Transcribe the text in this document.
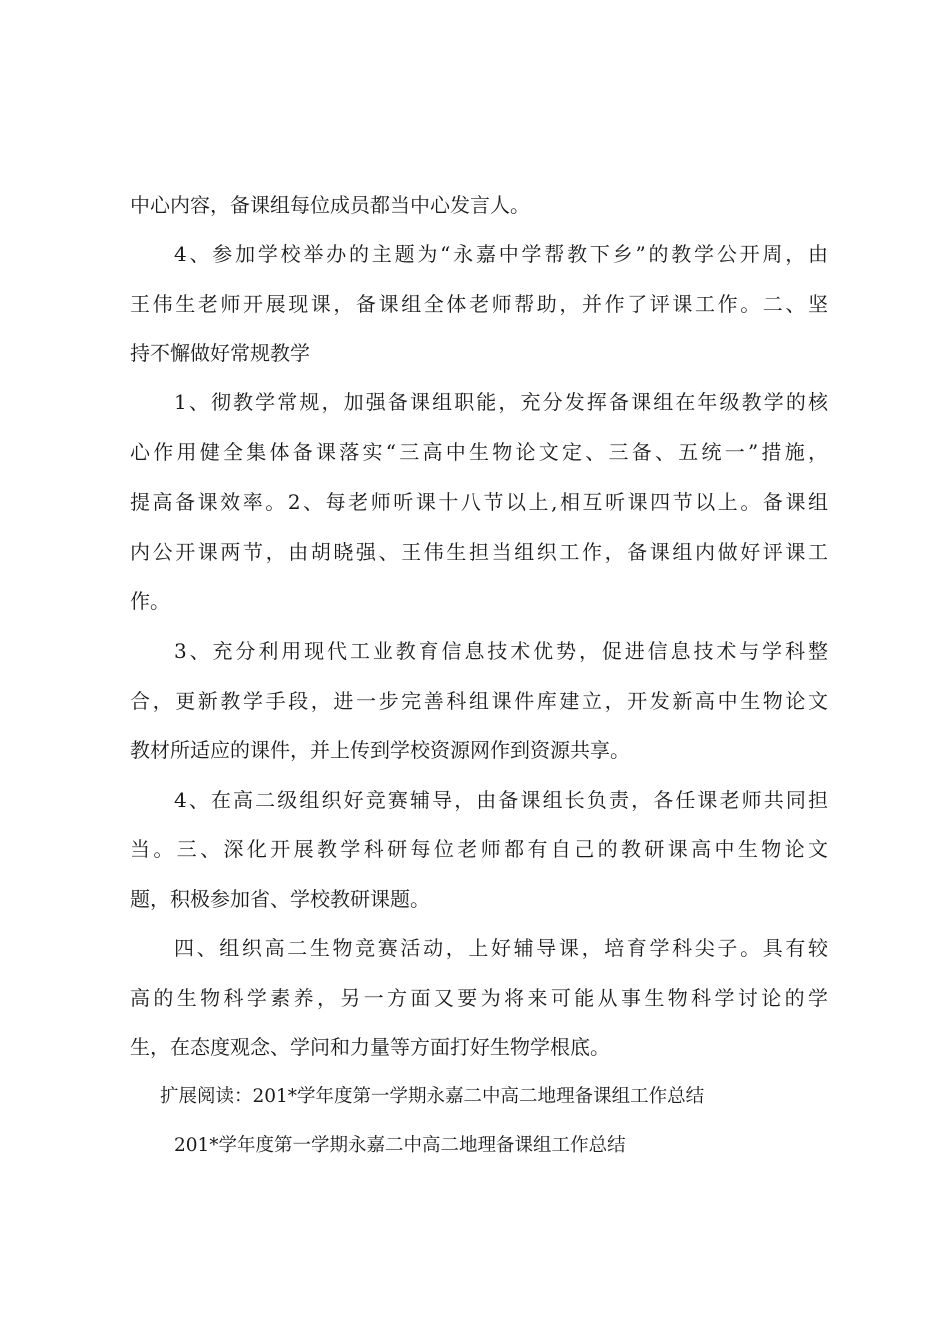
中心内容，备课组每位成员都当中心发言人。
4、参加学校举办的主题为“永嘉中学帮教下乡”的教学公开周，由
王伟生老师开展现课，备课组全体老师帮助，并作了评课工作。二、坚
持不懈做好常规教学
1、彻教学常规，加强备课组职能，充分发挥备课组在年级教学的核
心作用健全集体备课落实“三高中生物论文定、三备、五统一”措施，
提高备课效率。2、每老师听课十八节以上,相互听课四节以上。备课组
内公开课两节，由胡晓强、王伟生担当组织工作，备课组内做好评课工
作。
3、充分利用现代工业教育信息技术优势，促进信息技术与学科整
合，更新教学手段，进一步完善科组课件库建立，开发新高中生物论文
教材所适应的课件，并上传到学校资源网作到资源共享。
4、在高二级组织好竞赛辅导，由备课组长负责，各任课老师共同担
当。三、深化开展教学科研每位老师都有自己的教研课高中生物论文
题，积极参加省、学校教研课题。
四、组织高二生物竞赛活动，上好辅导课，培育学科尖子。具有较
高的生物科学素养，另一方面又要为将来可能从事生物科学讨论的学
生，在态度观念、学问和力量等方面打好生物学根底。
扩展阅读：201*学年度第一学期永嘉二中高二地理备课组工作总结
201*学年度第一学期永嘉二中高二地理备课组工作总结
